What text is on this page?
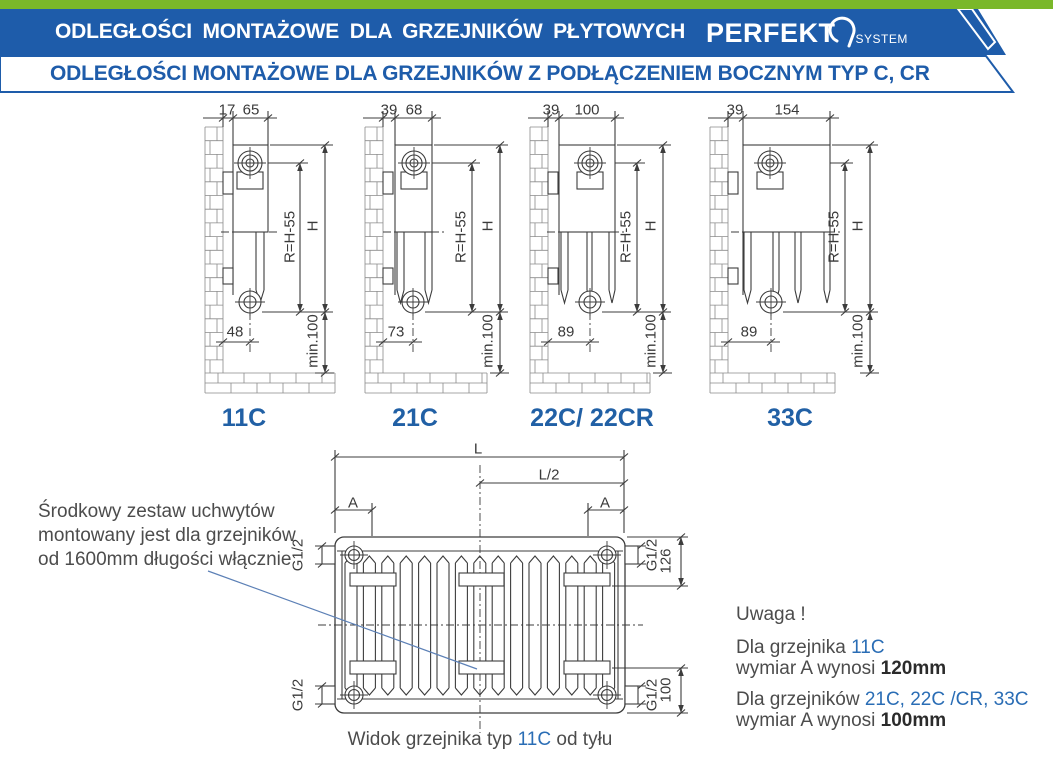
ODLEGŁOŚCI MONTAŻOWE DLA GRZEJNIKÓW PŁYTOWYCH PERFEKT SYSTEM
ODLEGŁOŚCI MONTAŻOWE DLA GRZEJNIKÓW Z PODŁĄCZENIEM BOCZNYM TYP C, CR
17 65
48
R=H-55 H
min.100
11C
39 68
73
R=H-55 H
min.100
21C
39 100
89
R=H-55 H
min.100
22C/ 22CR
39 154
89
R=H-55 H
min.100
33C
L
L/2
A	A
G1/2	G1/2
G1/2	G1/2
126
100
Widok grzejnika typ 11C od tyłu
Środkowy zestaw uchwytów
montowany jest dla grzejników
od 1600mm długości włącznie
Uwaga !
Dla grzejnika 11C
wymiar A wynosi 120mm
Dla grzejników 21C, 22C /CR, 33C
wymiar A wynosi 100mm
